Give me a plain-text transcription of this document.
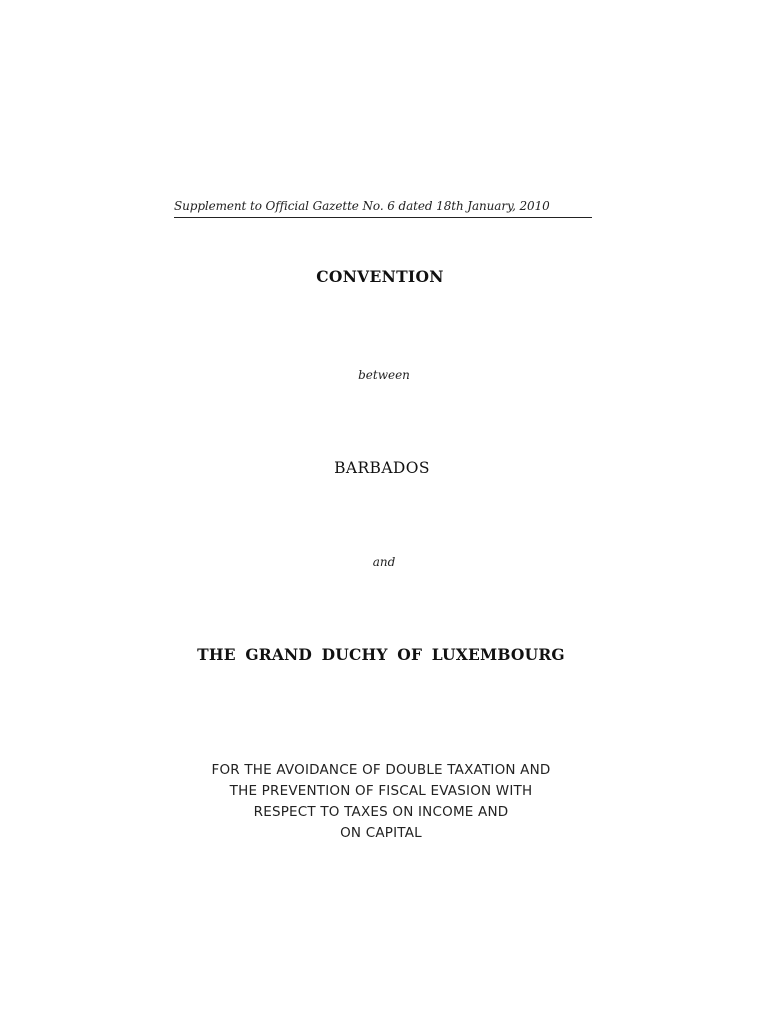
Supplement to Official Gazette No. 6 dated 18th January, 2010
CONVENTION
between
BARBADOS
and
THE GRAND DUCHY OF LUXEMBOURG
FOR THE AVOIDANCE OF DOUBLE TAXATION AND
THE PREVENTION OF FISCAL EVASION WITH
RESPECT TO TAXES ON INCOME AND
ON CAPITAL
